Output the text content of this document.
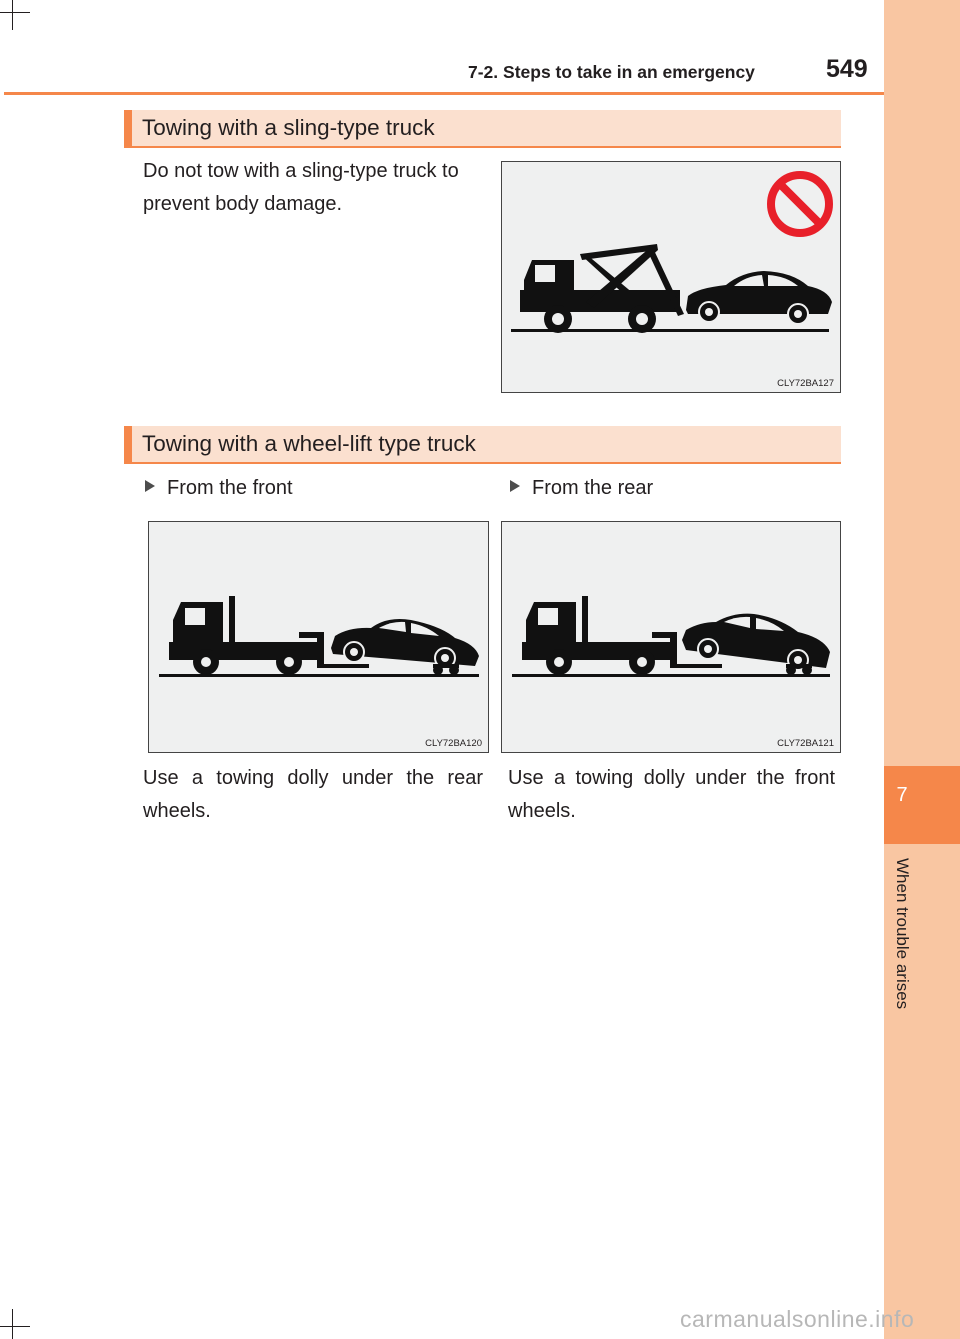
7
When trouble arises
7-2. Steps to take in an emergency	549
Towing with a sling-type truck
Do not tow with a sling-type truck to
prevent body damage.
CLY72BA127
Towing with a wheel-lift type truck
From the front	From the rear
CLY72BA120	CLY72BA121
Use a towing dolly under the rear
wheels.
Use a towing dolly under the front
wheels.
carmanualsonline.info
